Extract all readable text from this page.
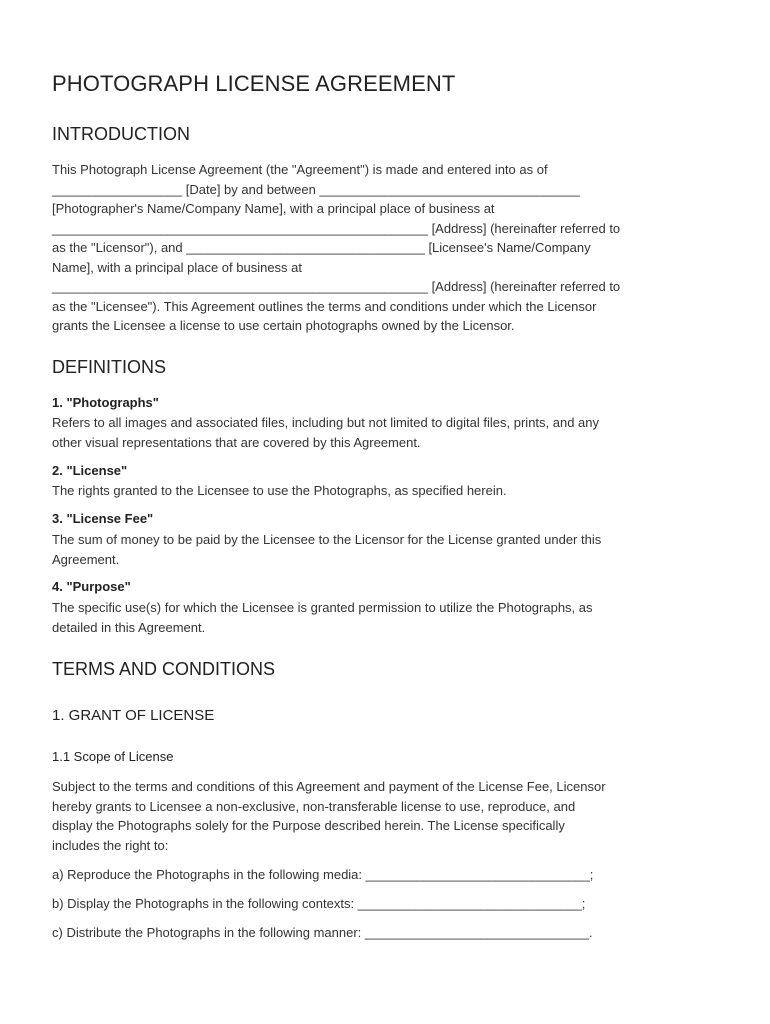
PHOTOGRAPH LICENSE AGREEMENT
INTRODUCTION
This Photograph License Agreement (the "Agreement") is made and entered into as of
__________________ [Date] by and between ____________________________________
[Photographer's Name/Company Name], with a principal place of business at
____________________________________________________ [Address] (hereinafter referred to
as the "Licensor"), and _________________________________ [Licensee's Name/Company
Name], with a principal place of business at
____________________________________________________ [Address] (hereinafter referred to
as the "Licensee"). This Agreement outlines the terms and conditions under which the Licensor
grants the Licensee a license to use certain photographs owned by the Licensor.
DEFINITIONS
1. "Photographs"
Refers to all images and associated files, including but not limited to digital files, prints, and any
other visual representations that are covered by this Agreement.
2. "License"
The rights granted to the Licensee to use the Photographs, as specified herein.
3. "License Fee"
The sum of money to be paid by the Licensee to the Licensor for the License granted under this
Agreement.
4. "Purpose"
The specific use(s) for which the Licensee is granted permission to utilize the Photographs, as
detailed in this Agreement.
TERMS AND CONDITIONS
1. GRANT OF LICENSE
1.1 Scope of License
Subject to the terms and conditions of this Agreement and payment of the License Fee, Licensor
hereby grants to Licensee a non-exclusive, non-transferable license to use, reproduce, and
display the Photographs solely for the Purpose described herein. The License specifically
includes the right to:
a) Reproduce the Photographs in the following media: _______________________________;
b) Display the Photographs in the following contexts: _______________________________;
c) Distribute the Photographs in the following manner: _______________________________.
